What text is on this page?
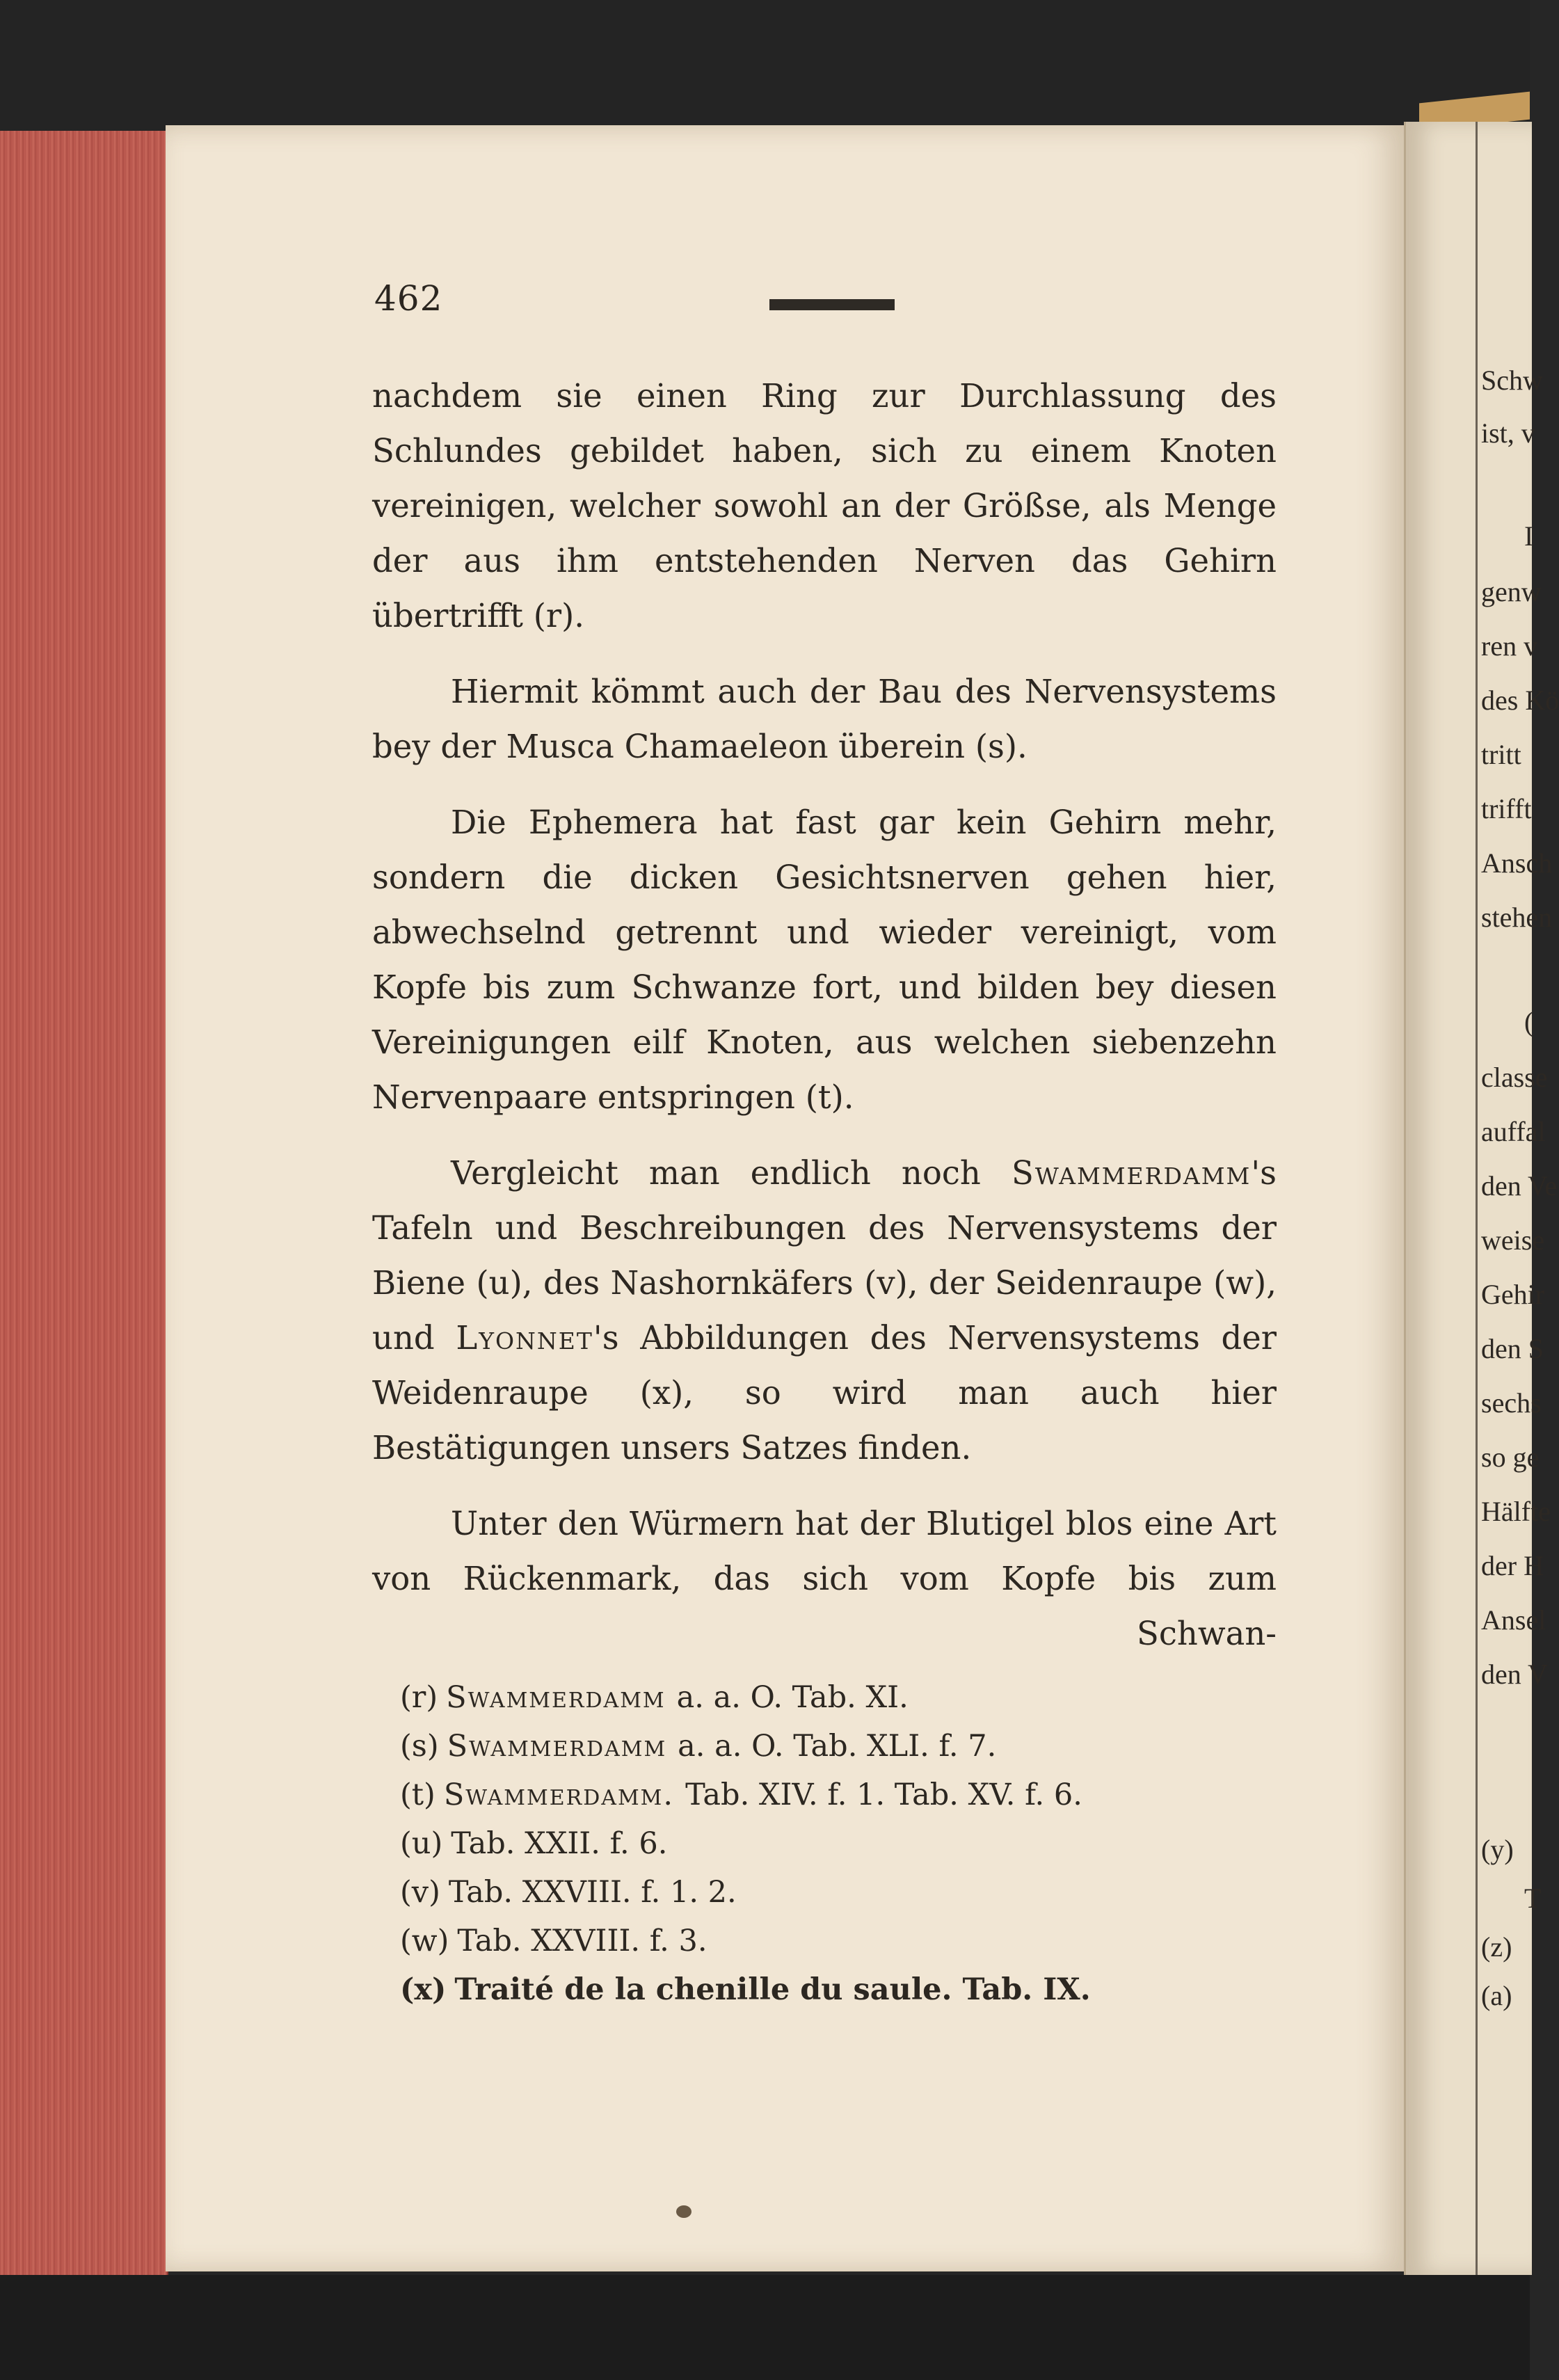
Schw
ist, v
I
genw
ren v
des Kö
tritt
trifft
Ansch
stehen
(
classe
auffal
den Ve
weise
Gehir
den S
sechs
so ge
Hälfte
der H
Ansel
den V
(y)
T
(z)
(a)
462

nachdem sie einen Ring zur Durchlassung des Schlundes gebildet haben, sich zu einem Knoten vereinigen, welcher sowohl an der Größse, als Menge der aus ihm entstehenden Nerven das Gehirn übertrifft (r).

Hiermit kömmt auch der Bau des Nervensystems bey der Musca Chamaeleon überein (s).

Die Ephemera hat fast gar kein Gehirn mehr, sondern die dicken Gesichtsnerven gehen hier, abwechselnd getrennt und wieder vereinigt, vom Kopfe bis zum Schwanze fort, und bilden bey diesen Vereinigungen eilf Knoten, aus welchen siebenzehn Nervenpaare entspringen (t).

Vergleicht man endlich noch Swammerdamm's Tafeln und Beschreibungen des Nervensystems der Biene (u), des Nashornkäfers (v), der Seidenraupe (w), und Lyonnet's Abbildungen des Nervensystems der Weidenraupe (x), so wird man auch hier Bestätigungen unsers Satzes finden.

Unter den Würmern hat der Blutigel blos eine Art von Rückenmark, das sich vom Kopfe bis zum

Schwan-
(r) Swammerdamm a. a. O. Tab. XI.
(s) Swammerdamm a. a. O. Tab. XLI. f. 7.
(t) Swammerdamm. Tab. XIV. f. 1. Tab. XV. f. 6.
(u) Tab. XXII. f. 6.
(v) Tab. XXVIII. f. 1. 2.
(w) Tab. XXVIII. f. 3.
(x) Traité de la chenille du saule. Tab. IX.
